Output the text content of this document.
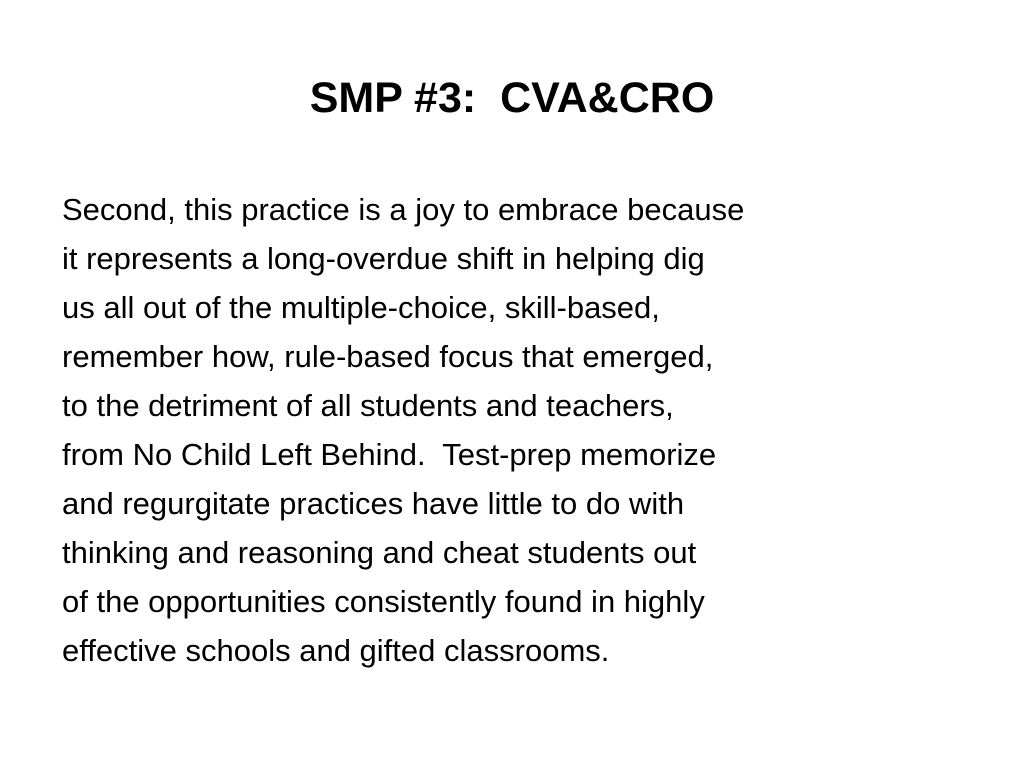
SMP #3:  CVA&CRO
Second, this practice is a joy to embrace because
it represents a long-overdue shift in helping dig
us all out of the multiple-choice, skill-based,
remember how, rule-based focus that emerged,
to the detriment of all students and teachers,
from No Child Left Behind.  Test-prep memorize
and regurgitate practices have little to do with
thinking and reasoning and cheat students out
of the opportunities consistently found in highly
effective schools and gifted classrooms.
